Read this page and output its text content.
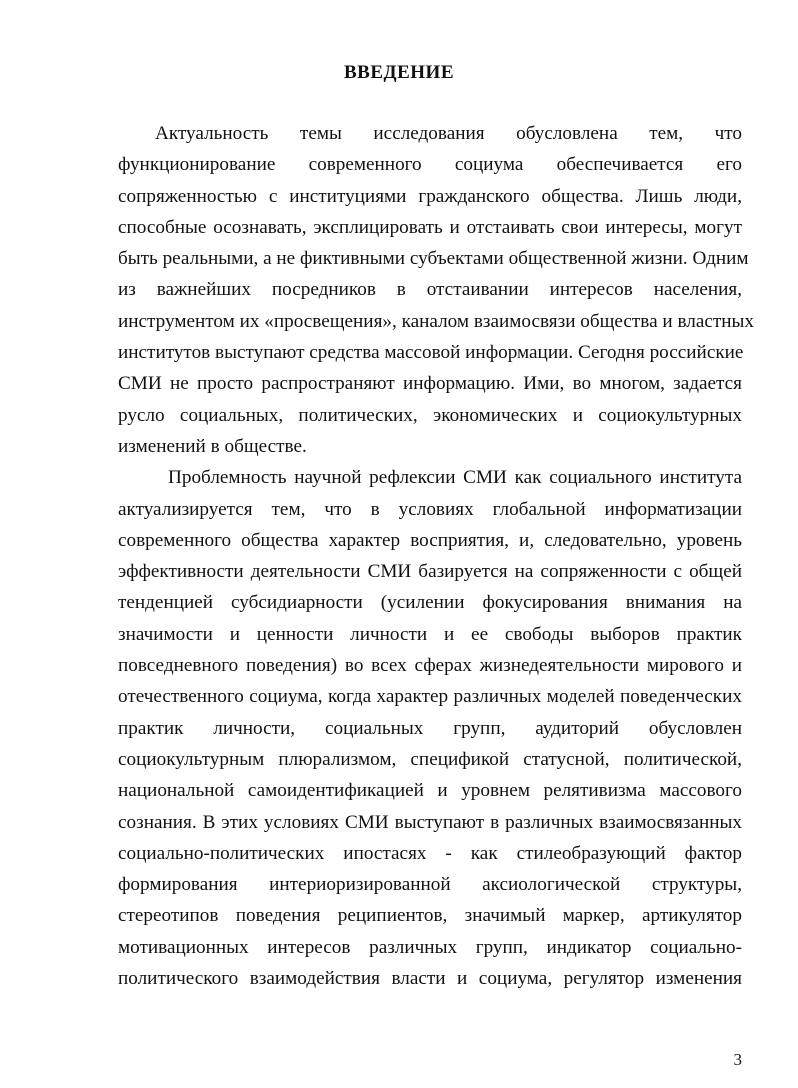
ВВЕДЕНИЕ

Актуальность темы исследования обусловлена тем, что
функционирование современного социума обеспечивается его
сопряженностью с институциями гражданского общества. Лишь люди,
способные осознавать, эксплицировать и отстаивать свои интересы, могут
быть реальными, а не фиктивными субъектами общественной жизни. Одним
из важнейших посредников в отстаивании интересов населения,
инструментом их «просвещения», каналом взаимосвязи общества и властных
институтов выступают средства массовой информации. Сегодня российские
СМИ не просто распространяют информацию. Ими, во многом, задается
русло социальных, политических, экономических и социокультурных
изменений в обществе.

Проблемность научной рефлексии СМИ как социального института
актуализируется тем, что в условиях глобальной информатизации
современного общества характер восприятия, и, следовательно, уровень
эффективности деятельности СМИ базируется на сопряженности с общей
тенденцией субсидиарности (усилении фокусирования внимания на
значимости и ценности личности и ее свободы выборов практик
повседневного поведения) во всех сферах жизнедеятельности мирового и
отечественного социума, когда характер различных моделей поведенческих
практик личности, социальных групп, аудиторий обусловлен
социокультурным плюрализмом, спецификой статусной, политической,
национальной самоидентификацией и уровнем релятивизма массового
сознания. В этих условиях СМИ выступают в различных взаимосвязанных
социально-политических ипостасях - как стилеобразующий фактор
формирования интериоризированной аксиологической структуры,
стереотипов поведения реципиентов, значимый маркер, артикулятор
мотивационных интересов различных групп, индикатор социально-
политического взаимодействия власти и социума, регулятор изменения

3
